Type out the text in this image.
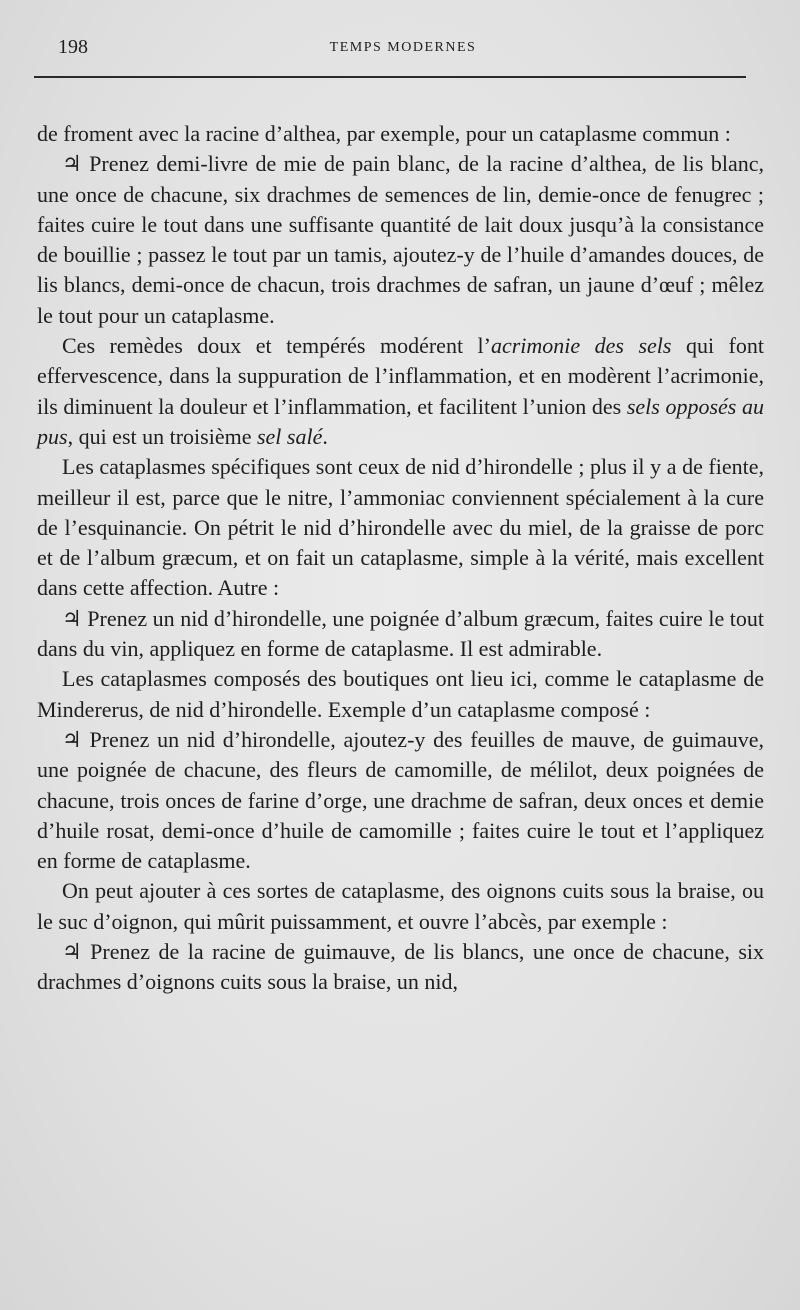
198	TEMPS MODERNES

de froment avec la racine d’althea, par exemple, pour un cataplasme commun :

♃ Prenez demi-livre de mie de pain blanc, de la racine d’althea, de lis blanc, une once de chacune, six drachmes de semences de lin, demie-once de fenugrec ; faites cuire le tout dans une suffisante quantité de lait doux jusqu’à la consistance de bouillie ; passez le tout par un tamis, ajoutez-y de l’huile d’amandes douces, de lis blancs, demi-once de chacun, trois drachmes de safran, un jaune d’œuf ; mêlez le tout pour un cataplasme.

Ces remèdes doux et tempérés modérent l’acrimonie des sels qui font effervescence, dans la suppuration de l’inflammation, et en modèrent l’acrimonie, ils diminuent la douleur et l’inflammation, et facilitent l’union des sels opposés au pus, qui est un troisième sel salé.

Les cataplasmes spécifiques sont ceux de nid d’hirondelle ; plus il y a de fiente, meilleur il est, parce que le nitre, l’ammoniac conviennent spécialement à la cure de l’esquinancie. On pétrit le nid d’hirondelle avec du miel, de la graisse de porc et de l’album græcum, et on fait un cataplasme, simple à la vérité, mais excellent dans cette affection. Autre :

♃ Prenez un nid d’hirondelle, une poignée d’album græcum, faites cuire le tout dans du vin, appliquez en forme de cataplasme. Il est admirable.

Les cataplasmes composés des boutiques ont lieu ici, comme le cataplasme de Mindererus, de nid d’hirondelle. Exemple d’un cataplasme composé :

♃ Prenez un nid d’hirondelle, ajoutez-y des feuilles de mauve, de guimauve, une poignée de chacune, des fleurs de camomille, de mélilot, deux poignées de chacune, trois onces de farine d’orge, une drachme de safran, deux onces et demie d’huile rosat, demi-once d’huile de camomille ; faites cuire le tout et l’appliquez en forme de cataplasme.

On peut ajouter à ces sortes de cataplasme, des oignons cuits sous la braise, ou le suc d’oignon, qui mûrit puissamment, et ouvre l’abcès, par exemple :

♃ Prenez de la racine de guimauve, de lis blancs, une once de chacune, six drachmes d’oignons cuits sous la braise, un nid,
